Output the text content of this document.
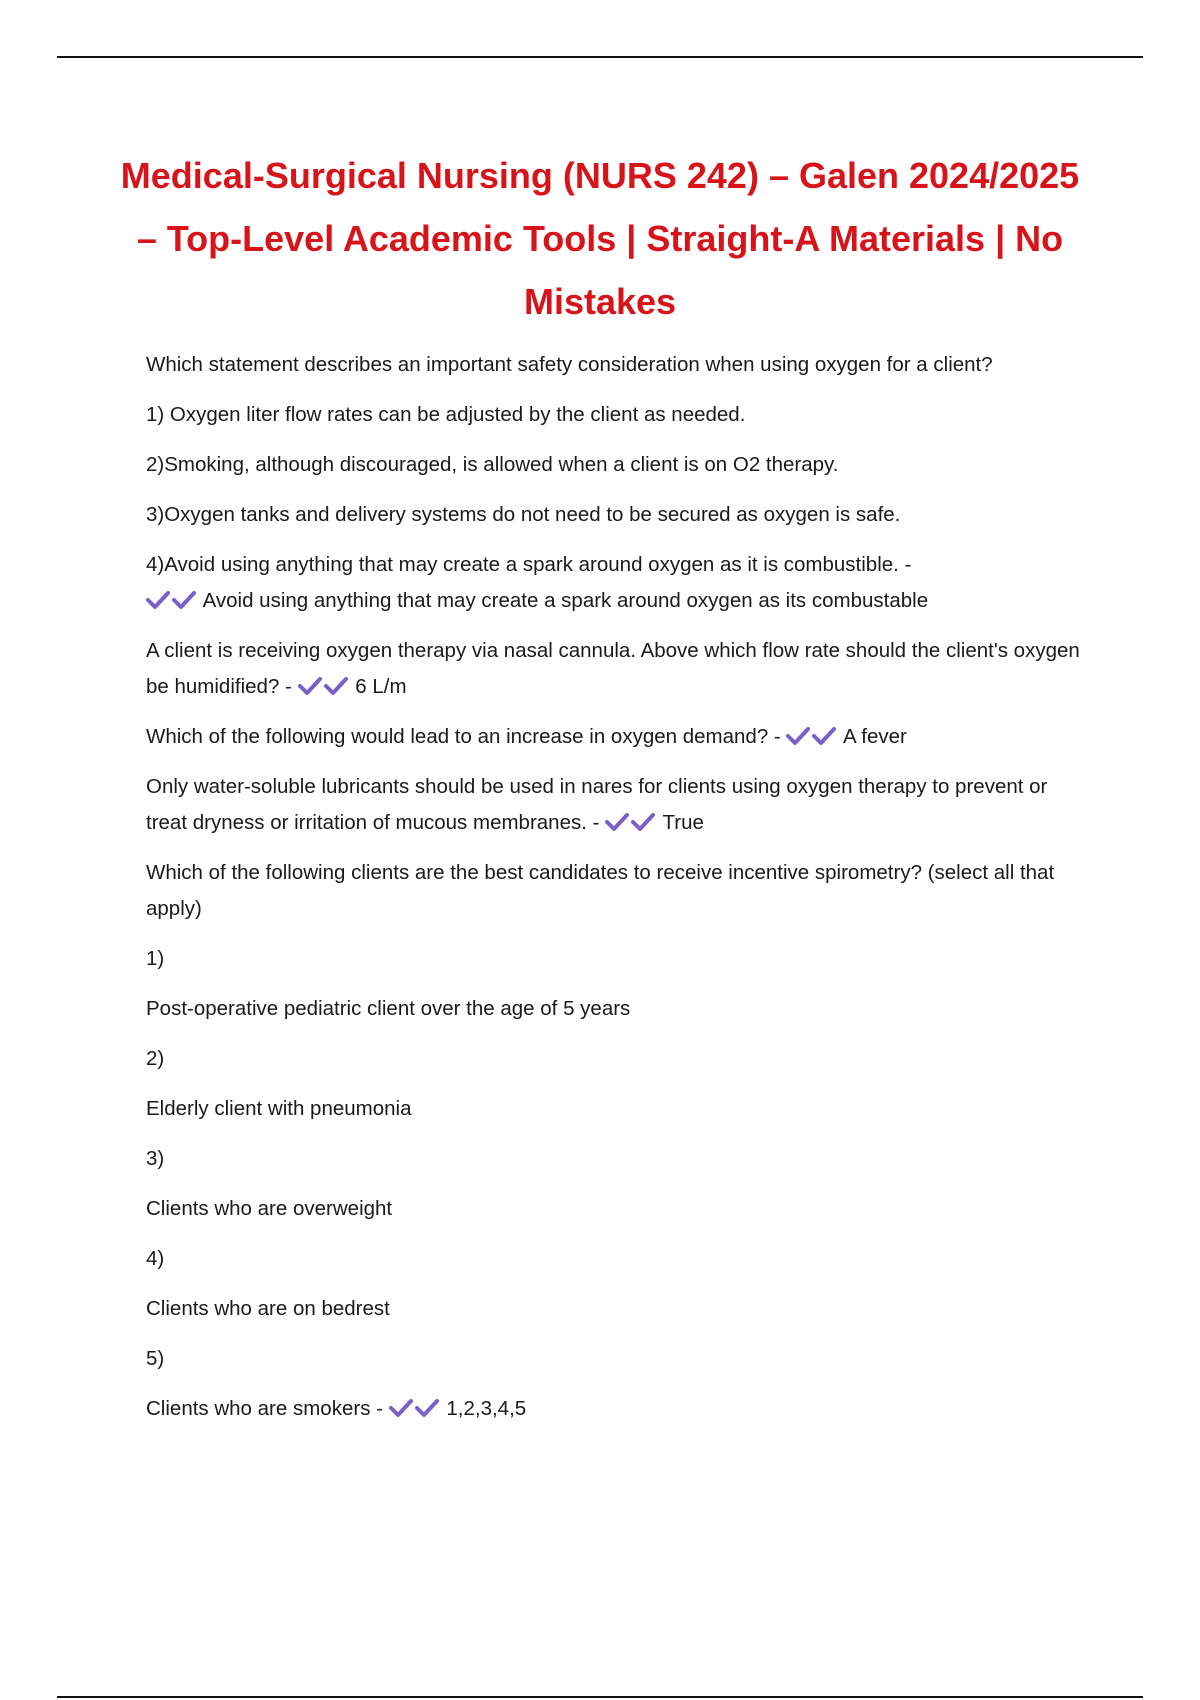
Medical-Surgical Nursing (NURS 242) – Galen 2024/2025 – Top-Level Academic Tools | Straight-A Materials | No Mistakes

Which statement describes an important safety consideration when using oxygen for a client?

1) Oxygen liter flow rates can be adjusted by the client as needed.

2)Smoking, although discouraged, is allowed when a client is on O2 therapy.

3)Oxygen tanks and delivery systems do not need to be secured as oxygen is safe.

4)Avoid using anything that may create a spark around oxygen as it is combustible. -

Avoid using anything that may create a spark around oxygen as its combustable

A client is receiving oxygen therapy via nasal cannula. Above which flow rate should the client's oxygen be humidified? -	6 L/m

Which of the following would lead to an increase in oxygen demand? -	A fever

Only water-soluble lubricants should be used in nares for clients using oxygen therapy to prevent or treat dryness or irritation of mucous membranes. -	True

Which of the following clients are the best candidates to receive incentive spirometry? (select all that apply)

1)

Post-operative pediatric client over the age of 5 years

2)

Elderly client with pneumonia

3)

Clients who are overweight

4)

Clients who are on bedrest

5)

Clients who are smokers -	1,2,3,4,5
